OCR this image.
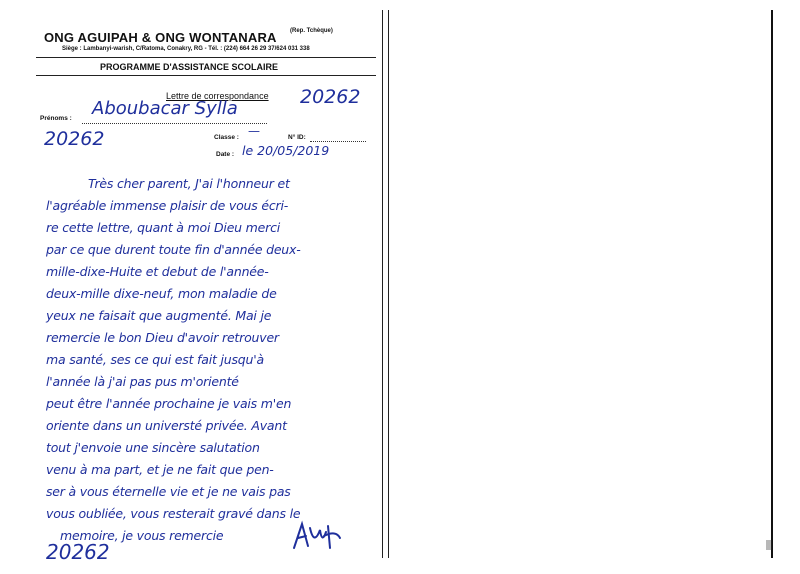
ONG AGUIPAH & ONG WONTANARA (Rep. Tchèque)
Siège : Lambanyi-warish, C/Ratoma, Conakry, RG - Tél. : (224) 664 26 29 37/624 031 338
PROGRAMME D'ASSISTANCE SCOLAIRE
Lettre de correspondance 20262
Prénoms : Aboubacar Sylla
20262	Classe : —	N° ID:
Date : le 20/05/2019
Très cher parent, J'ai l'honneur et
l'agréable immense plaisir de vous écri-
re cette lettre, quant à moi Dieu merci
par ce que durent toute fin d'année deux-
mille-dixe-Huite et debut de l'année-
deux-mille dixe-neuf, mon maladie de
yeux ne faisait que augmenté. Mai je
remercie le bon Dieu d'avoir retrouver
ma santé, ses ce qui est fait jusqu'à
l'année là j'ai pas pus m'orienté
peut être l'année prochaine je vais m'en
oriente dans un universté privée. Avant
tout j'envoie une sincère salutation
venu à ma part, et je ne fait que pen-
ser à vous éternelle vie et je ne vais pas
vous oubliée, vous resterait gravé dans le
memoire, je vous remercie
20262
